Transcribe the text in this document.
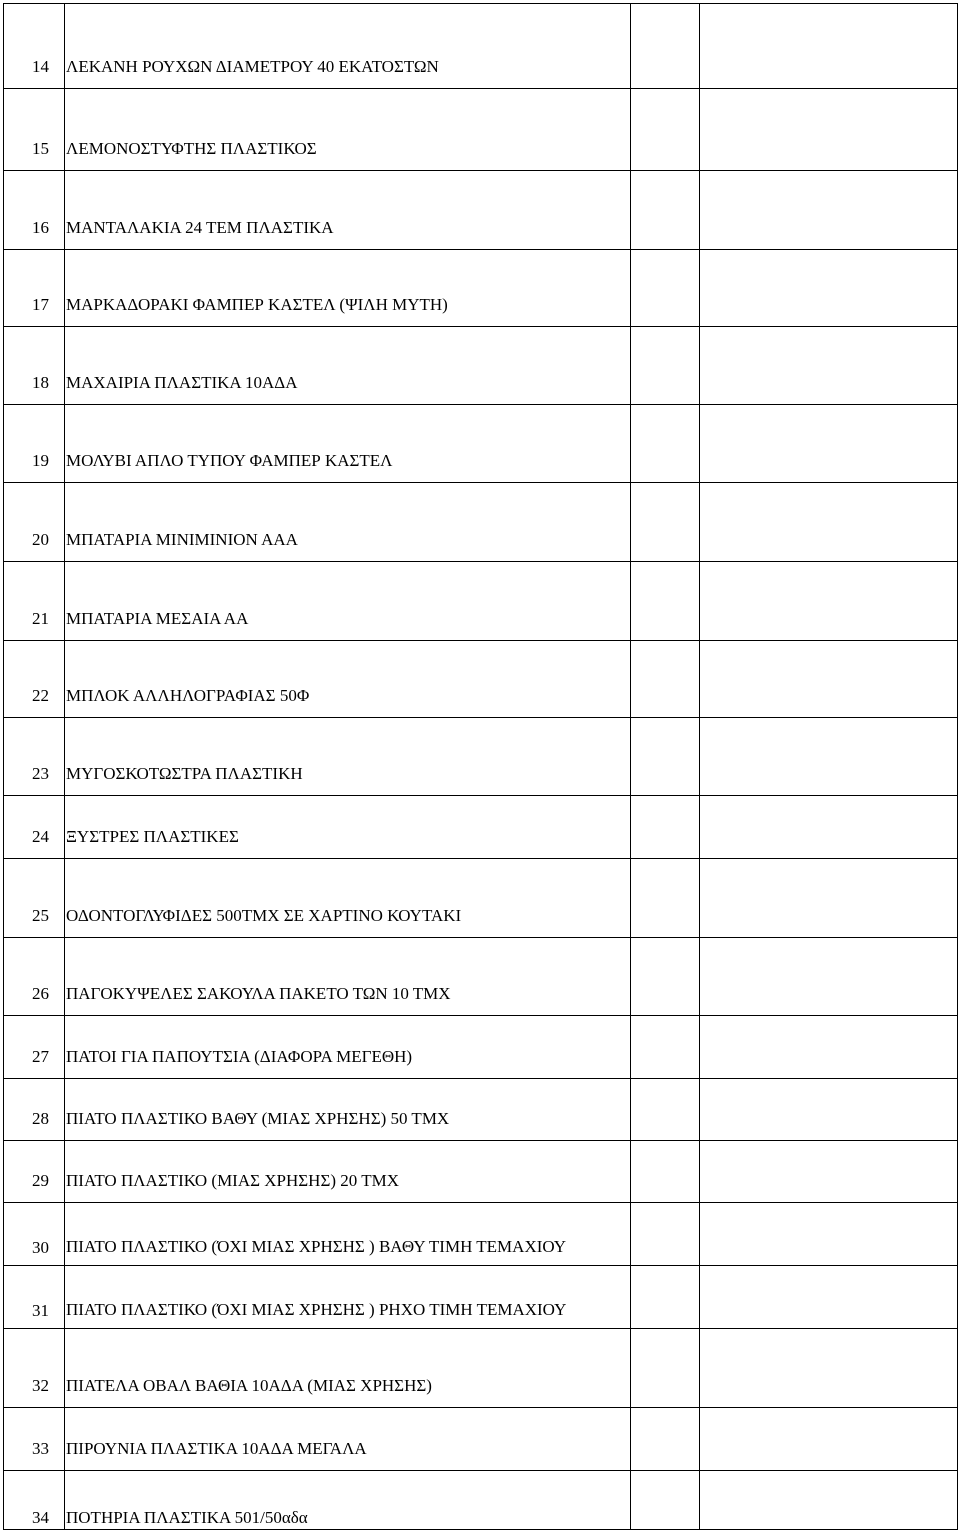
14	ΛΕΚΑΝΗ ΡΟΥΧΩΝ ΔΙΑΜΕΤΡΟΥ 40 ΕΚΑΤΟΣΤΩΝ		
15	ΛΕΜΟΝΟΣΤΥΦΤΗΣ ΠΛΑΣΤΙΚΟΣ		
16	ΜΑΝΤΑΛΑΚΙΑ 24 ΤΕΜ ΠΛΑΣΤΙΚΑ		
17	ΜΑΡΚΑΔΟΡΑΚΙ ΦΑΜΠΕΡ ΚΑΣΤΕΛ (ΨΙΛΗ ΜΥΤΗ)		
18	ΜΑΧΑΙΡΙΑ ΠΛΑΣΤΙΚΑ 10ΑΔΑ		
19	ΜΟΛΥΒΙ ΑΠΛΟ ΤΥΠΟΥ ΦΑΜΠΕΡ ΚΑΣΤΕΛ		
20	ΜΠΑΤΑΡΙΑ ΜΙΝΙΜΙΝΙΟΝ ΑΑΑ		
21	ΜΠΑΤΑΡΙΑ ΜΕΣΑΙΑ ΑΑ		
22	ΜΠΛΟΚ ΑΛΛΗΛΟΓΡΑΦΙΑΣ 50Φ		
23	ΜΥΓΟΣΚΟΤΩΣΤΡΑ ΠΛΑΣΤΙΚΗ		
24	ΞΥΣΤΡΕΣ ΠΛΑΣΤΙΚΕΣ		
25	ΟΔΟΝΤΟΓΛΥΦΙΔΕΣ 500ΤΜΧ ΣΕ ΧΑΡΤΙΝΟ ΚΟΥΤΑΚΙ		
26	ΠΑΓΟΚΥΨΕΛΕΣ ΣΑΚΟΥΛΑ ΠΑΚΕΤΟ ΤΩΝ 10 ΤΜΧ		
27	ΠΑΤΟΙ ΓΙΑ ΠΑΠΟΥΤΣΙΑ (ΔΙΑΦΟΡΑ ΜΕΓΕΘΗ)		
28	ΠΙΑΤΟ ΠΛΑΣΤΙΚΟ ΒΑΘΥ (ΜΙΑΣ ΧΡΗΣΗΣ) 50 ΤΜΧ		
29	ΠΙΑΤΟ ΠΛΑΣΤΙΚΟ (ΜΙΑΣ ΧΡΗΣΗΣ) 20 ΤΜΧ		
30	ΠΙΑΤΟ ΠΛΑΣΤΙΚΟ (ΌΧΙ ΜΙΑΣ ΧΡΗΣΗΣ ) ΒΑΘΥ ΤΙΜΗ ΤΕΜΑΧΙΟΥ		
31	ΠΙΑΤΟ ΠΛΑΣΤΙΚΟ (ΌΧΙ ΜΙΑΣ ΧΡΗΣΗΣ ) ΡΗΧΟ ΤΙΜΗ ΤΕΜΑΧΙΟΥ		
32	ΠΙΑΤΕΛΑ ΟΒΑΛ ΒΑΘΙΑ 10ΑΔΑ (ΜΙΑΣ ΧΡΗΣΗΣ)		
33	ΠΙΡΟΥΝΙΑ ΠΛΑΣΤΙΚΑ 10ΑΔΑ ΜΕΓΑΛΑ		
34	ΠΟΤΗΡΙΑ ΠΛΑΣΤΙΚΑ 501/50αδα		
